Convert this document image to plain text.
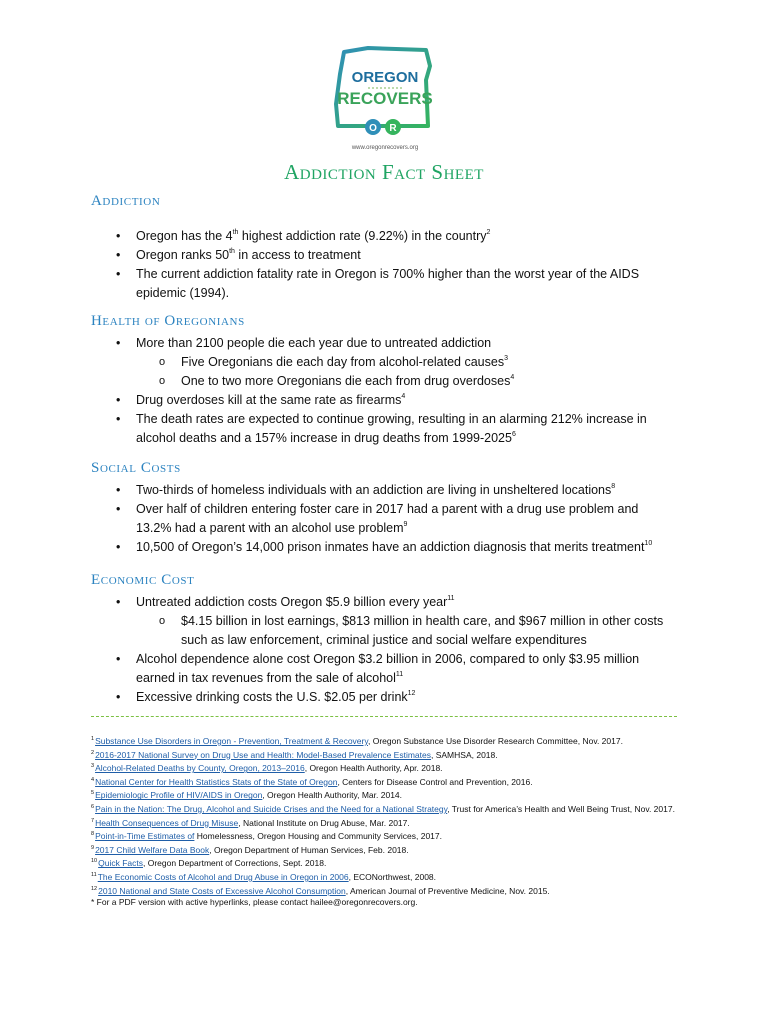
OREGON
RECOVERS
O R
www.oregonrecovers.org
Addiction Fact Sheet
Addiction
• Oregon has the 4th highest addiction rate (9.22%) in the country$^2$
• Oregon ranks 50th in access to treatment
• The current addiction fatality rate in Oregon is 700% higher than the worst year of the AIDS epidemic (1994).
Health of Oregonians
• More than 2100 people die each year due to untreated addiction
o Five Oregonians die each day from alcohol-related causes$^3$
o One to two more Oregonians die each from drug overdoses$^4$
• Drug overdoses kill at the same rate as firearms$^4$
• The death rates are expected to continue growing, resulting in an alarming 212% increase in alcohol deaths and a 157% increase in drug deaths from 1999-2025$^6$
Social Costs
• Two-thirds of homeless individuals with an addiction are living in unsheltered locations$^8$
• Over half of children entering foster care in 2017 had a parent with a drug use problem and 13.2% had a parent with an alcohol use problem$^9$
• 10,500 of Oregon’s 14,000 prison inmates have an addiction diagnosis that merits treatment$^{10}$
Economic Cost
• Untreated addiction costs Oregon $5.9 billion every year$^{11}$
o $4.15 billion in lost earnings, $813 million in health care, and $967 million in other costs such as law enforcement, criminal justice and social welfare expenditures
• Alcohol dependence alone cost Oregon $3.2 billion in 2006, compared to only $3.95 million earned in tax revenues from the sale of alcohol$^{11}$
• Excessive drinking costs the U.S. $2.05 per drink$^{12}$
$^1$Substance Use Disorders in Oregon - Prevention, Treatment & Recovery, Oregon Substance Use Disorder Research Committee, Nov. 2017.
$^2$2016-2017 National Survey on Drug Use and Health: Model-Based Prevalence Estimates, SAMHSA, 2018.
$^3$Alcohol-Related Deaths by County, Oregon, 2013–2016, Oregon Health Authority, Apr. 2018.
$^4$National Center for Health Statistics Stats of the State of Oregon, Centers for Disease Control and Prevention, 2016.
$^5$Epidemiologic Profile of HIV/AIDS in Oregon, Oregon Health Authority, Mar. 2014.
$^6$Pain in the Nation: The Drug, Alcohol and Suicide Crises and the Need for a National Strategy, Trust for America’s Health and Well Being Trust, Nov. 2017.
$^7$Health Consequences of Drug Misuse, National Institute on Drug Abuse, Mar. 2017.
$^8$Point-in-Time Estimates of Homelessness, Oregon Housing and Community Services, 2017.
$^9$2017 Child Welfare Data Book, Oregon Department of Human Services, Feb. 2018.
$^{10}$Quick Facts, Oregon Department of Corrections, Sept. 2018.
$^{11}$The Economic Costs of Alcohol and Drug Abuse in Oregon in 2006, ECONorthwest, 2008.
$^{12}$2010 National and State Costs of Excessive Alcohol Consumption, American Journal of Preventive Medicine, Nov. 2015.
* For a PDF version with active hyperlinks, please contact hailee@oregonrecovers.org.
